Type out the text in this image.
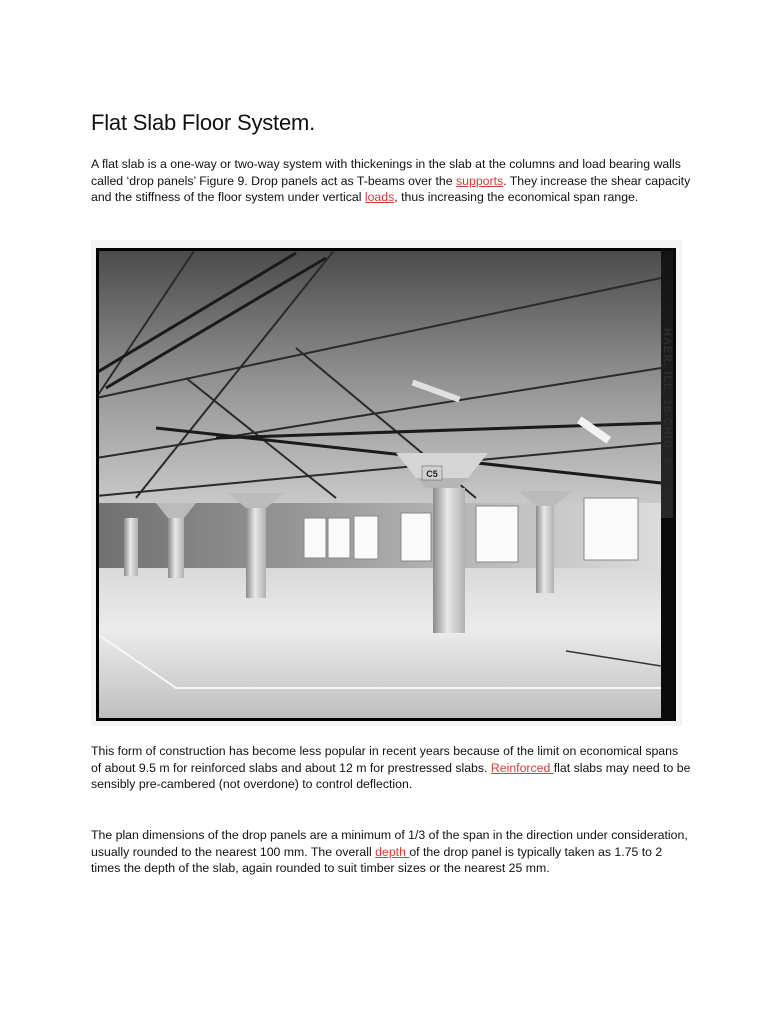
Flat Slab Floor System.

A flat slab is a one-way or two-way system with thickenings in the slab at the columns and load bearing walls called ‘drop panels’ Figure 9. Drop panels act as T-beams over the supports. They increase the shear capacity and the stiffness of the floor system under vertical loads, thus increasing the economical span range.

C5

This form of construction has become less popular in recent years because of the limit on economical spans of about 9.5 m for reinforced slabs and about 12 m for prestressed slabs. Reinforced flat slabs may need to be sensibly pre-cambered (not overdone) to control deflection.

The plan dimensions of the drop panels are a minimum of 1/3 of the span in the direction under consideration, usually rounded to the nearest 100 mm. The overall depth of the drop panel is typically taken as 1.75 to 2 times the depth of the slab, again rounded to suit timber sizes or the nearest 25 mm.
